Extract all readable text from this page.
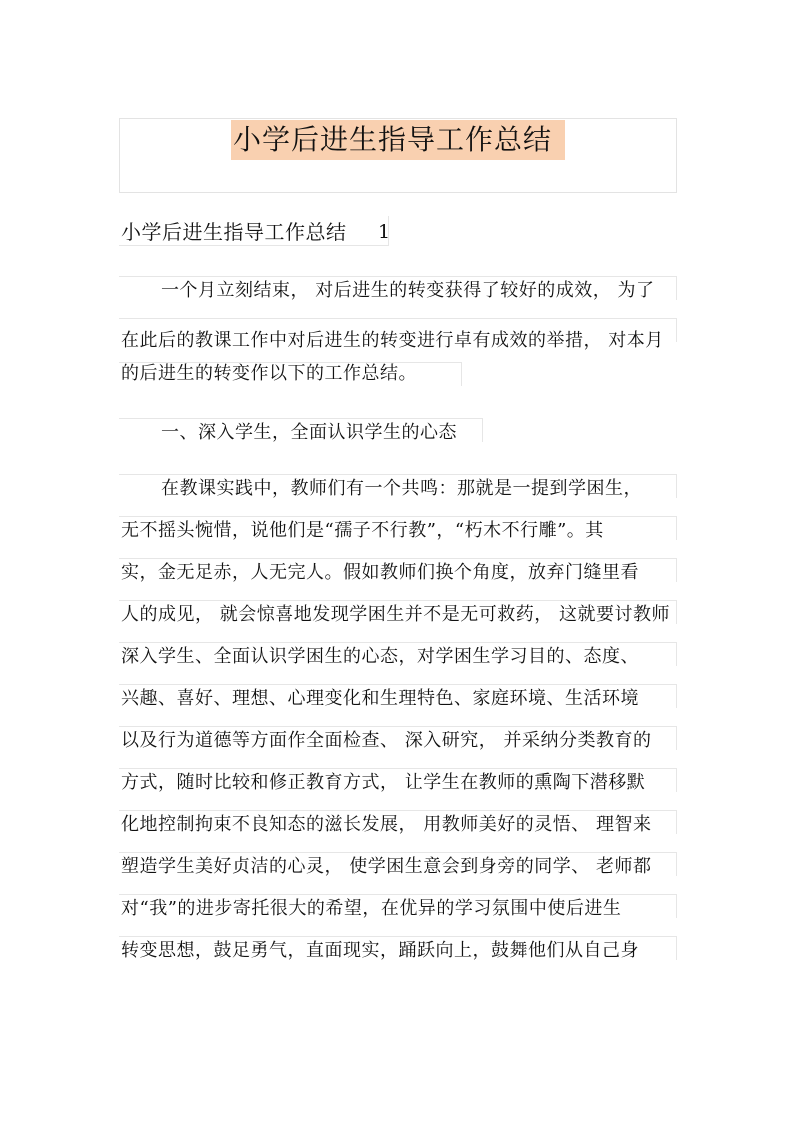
小学后进生指导工作总结
小学后进生指导工作总结 1
一个月立刻结束， 对后进生的转变获得了较好的成效， 为了
在此后的教课工作中对后进生的转变进行卓有成效的举措， 对本月
的后进生的转变作以下的工作总结。
一、深入学生，全面认识学生的心态
在教课实践中，教师们有一个共鸣：那就是一提到学困生，
无不摇头惋惜，说他们是“孺子不行教”，“朽木不行雕”。其
实，金无足赤，人无完人。假如教师们换个角度，放弃门缝里看
人的成见， 就会惊喜地发现学困生并不是无可救药， 这就要讨教师
深入学生、全面认识学困生的心态，对学困生学习目的、态度、
兴趣、喜好、理想、心理变化和生理特色、家庭环境、生活环境
以及行为道德等方面作全面检查、 深入研究， 并采纳分类教育的
方式，随时比较和修正教育方式， 让学生在教师的熏陶下潜移默
化地控制拘束不良知态的滋长发展， 用教师美好的灵悟、 理智来
塑造学生美好贞洁的心灵， 使学困生意会到身旁的同学、 老师都
对“我”的进步寄托很大的希望，在优异的学习氛围中使后进生
转变思想，鼓足勇气，直面现实，踊跃向上，鼓舞他们从自己身
